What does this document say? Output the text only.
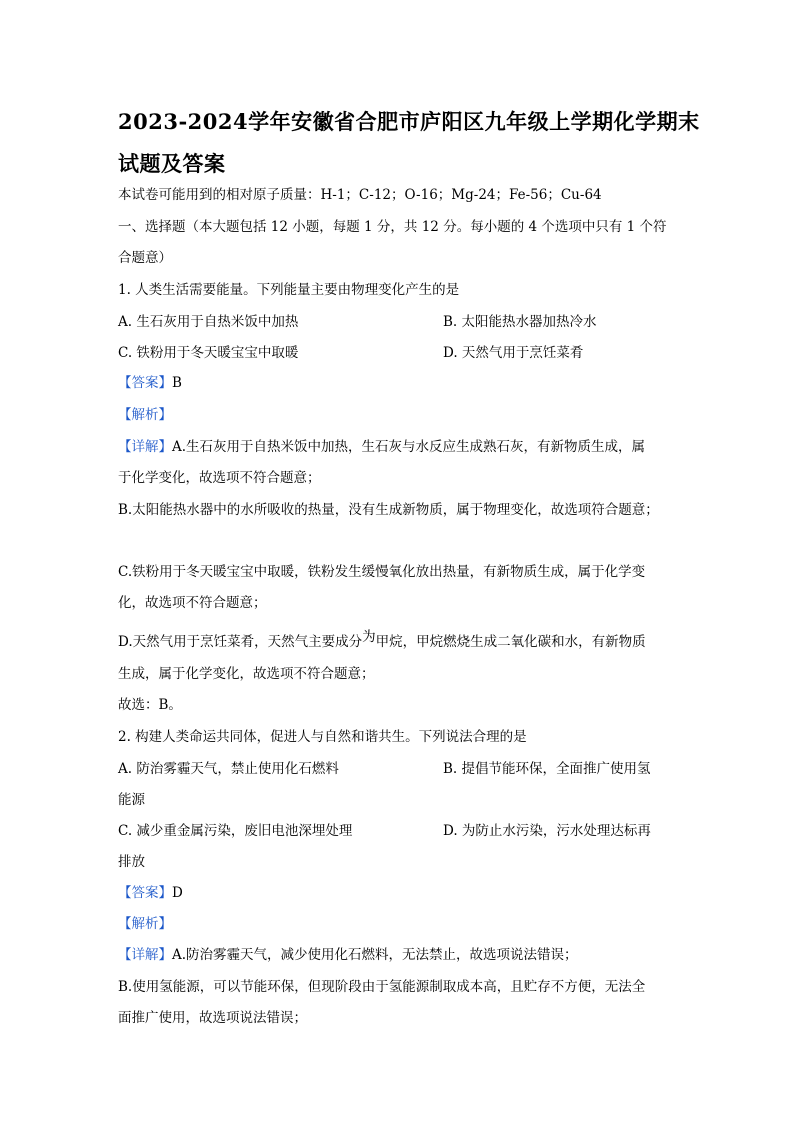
2023-2024学年安徽省合肥市庐阳区九年级上学期化学期末
试题及答案
本试卷可能用到的相对原子质量：H-1；C-12；O-16；Mg-24；Fe-56；Cu-64
一、选择题（本大题包括 12 小题，每题 1 分，共 12 分。每小题的 4 个选项中只有 1 个符
合题意）
1. 人类生活需要能量。下列能量主要由物理变化产生的是
A. 生石灰用于自热米饭中加热	B. 太阳能热水器加热冷水
C. 铁粉用于冬天暖宝宝中取暖	D. 天然气用于烹饪菜肴
【答案】B
【解析】
【详解】A.生石灰用于自热米饭中加热，生石灰与水反应生成熟石灰，有新物质生成，属
于化学变化，故选项不符合题意；
B.太阳能热水器中的水所吸收的热量，没有生成新物质，属于物理变化，故选项符合题意；
C.铁粉用于冬天暖宝宝中取暖，铁粉发生缓慢氧化放出热量，有新物质生成，属于化学变
化，故选项不符合题意；
D.天然气用于烹饪菜肴，天然气主要成分为甲烷，甲烷燃烧生成二氧化碳和水，有新物质
生成，属于化学变化，故选项不符合题意；
故选：B。
2. 构建人类命运共同体，促进人与自然和谐共生。下列说法合理的是
A. 防治雾霾天气，禁止使用化石燃料	B. 提倡节能环保，全面推广使用氢
能源
C. 减少重金属污染，废旧电池深埋处理	D. 为防止水污染，污水处理达标再
排放
【答案】D
【解析】
【详解】A.防治雾霾天气，减少使用化石燃料，无法禁止，故选项说法错误；
B.使用氢能源，可以节能环保，但现阶段由于氢能源制取成本高，且贮存不方便，无法全
面推广使用，故选项说法错误；
